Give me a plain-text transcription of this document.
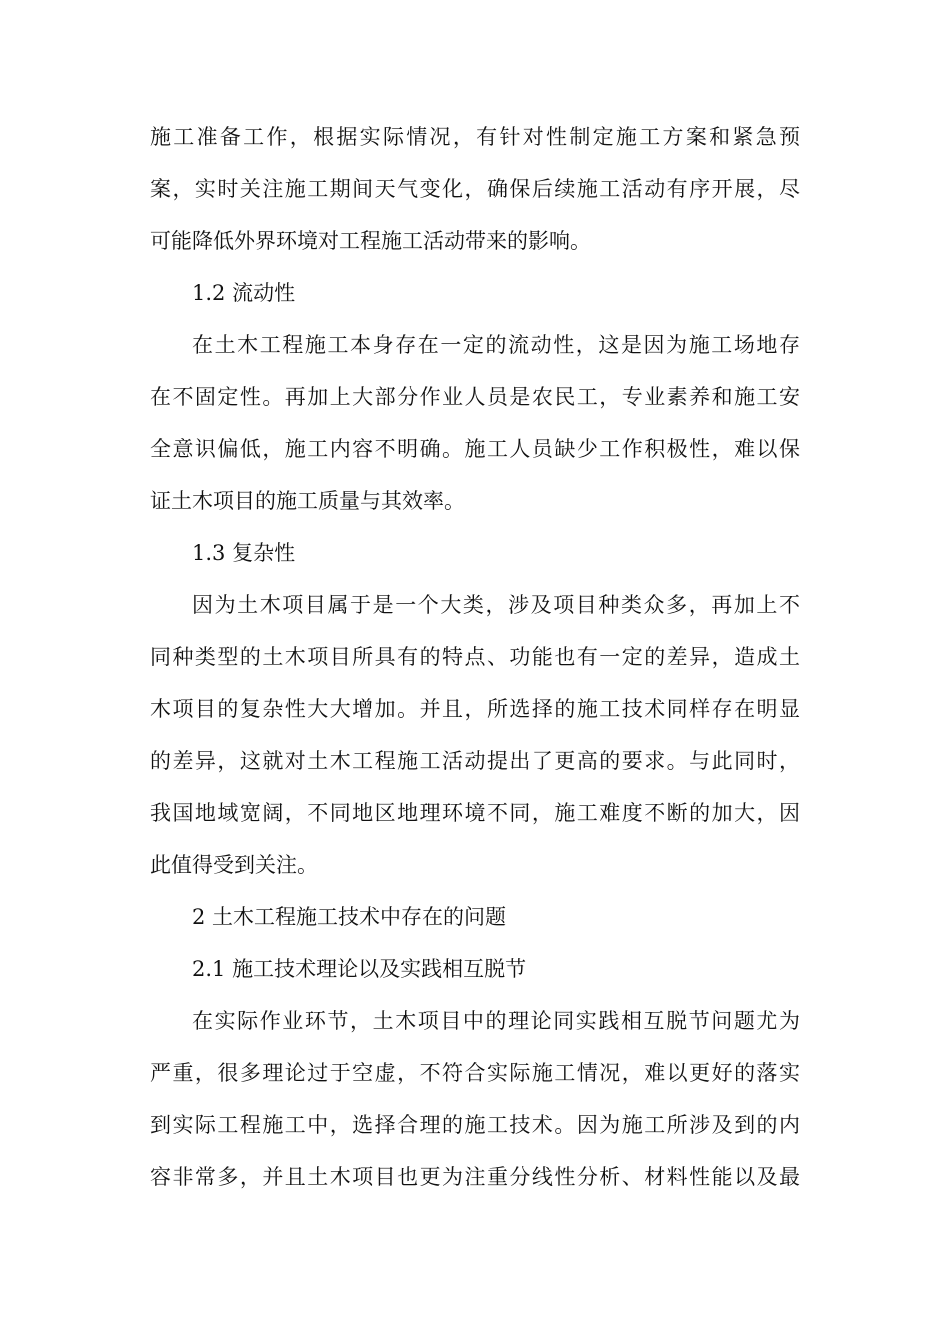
施工准备工作，根据实际情况，有针对性制定施工方案和紧急预
案，实时关注施工期间天气变化，确保后续施工活动有序开展，尽
可能降低外界环境对工程施工活动带来的影响。
1.2 流动性
在土木工程施工本身存在一定的流动性，这是因为施工场地存
在不固定性。再加上大部分作业人员是农民工，专业素养和施工安
全意识偏低，施工内容不明确。施工人员缺少工作积极性，难以保
证土木项目的施工质量与其效率。
1.3 复杂性
因为土木项目属于是一个大类，涉及项目种类众多，再加上不
同种类型的土木项目所具有的特点、功能也有一定的差异，造成土
木项目的复杂性大大增加。并且，所选择的施工技术同样存在明显
的差异，这就对土木工程施工活动提出了更高的要求。与此同时，
我国地域宽阔，不同地区地理环境不同，施工难度不断的加大，因
此值得受到关注。
2 土木工程施工技术中存在的问题
2.1 施工技术理论以及实践相互脱节
在实际作业环节，土木项目中的理论同实践相互脱节问题尤为
严重，很多理论过于空虚，不符合实际施工情况，难以更好的落实
到实际工程施工中，选择合理的施工技术。因为施工所涉及到的内
容非常多，并且土木项目也更为注重分线性分析、材料性能以及最
